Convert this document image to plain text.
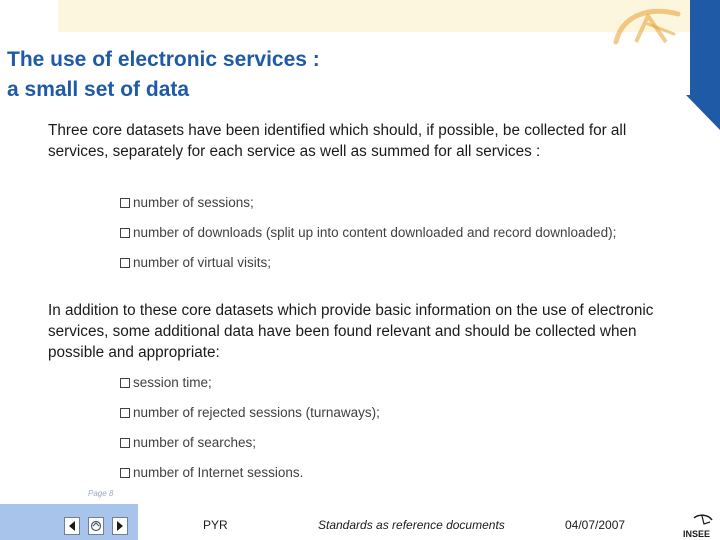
The use of electronic services :
a small set of data

Three core datasets have been identified which should, if possible, be collected for all services, separately for each service as well as summed for all services :

number of sessions;
number of downloads (split up into content downloaded and record downloaded);
number of virtual visits;

In addition to these core datasets which provide basic information on the use of electronic services, some additional data have been found relevant and should be collected when possible and appropriate:

session time;
number of rejected sessions (turnaways);
number of searches;
number of Internet sessions.
Page 8
PYR	Standards as reference documents	04/07/2007
INSEE
